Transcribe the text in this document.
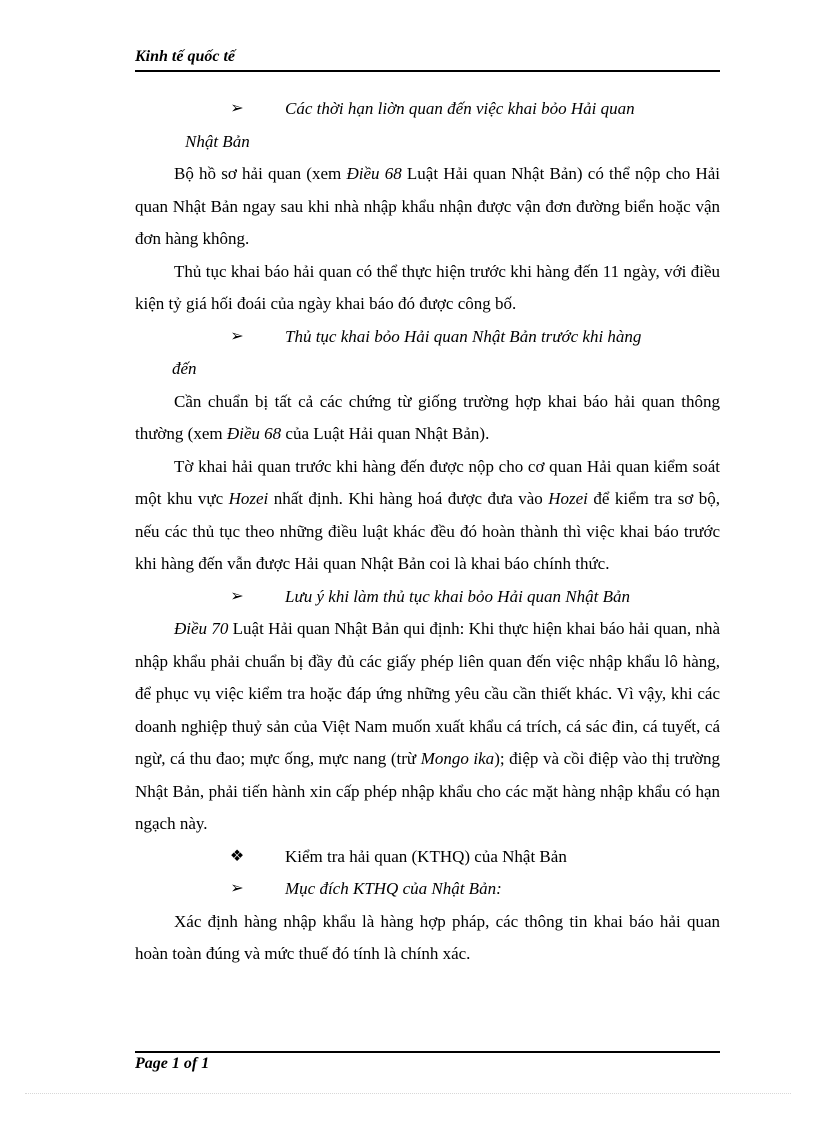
Kinh tế quốc tế

➢	Các thời hạn liờn quan đến việc khai bỏo Hải quan

Nhật Bản

Bộ hồ sơ hải quan (xem Điều 68 Luật Hải quan Nhật Bản) có thể nộp cho Hải quan Nhật Bản ngay sau khi nhà nhập khẩu nhận được vận đơn đường biển hoặc vận đơn hàng không.

Thủ tục khai báo hải quan có thể thực hiện trước khi hàng đến 11 ngày, với điều kiện tỷ giá hối đoái của ngày khai báo đó được công bố.

➢	Thủ tục khai bỏo Hải quan Nhật Bản trước khi hàng

đến

Cần chuẩn bị tất cả các chứng từ giống trường hợp khai báo hải quan thông thường (xem Điều 68 của Luật Hải quan Nhật Bản).

Tờ khai hải quan trước khi hàng đến được nộp cho cơ quan Hải quan kiểm soát một khu vực Hozei nhất định. Khi hàng hoá được đưa vào Hozei để kiểm tra sơ bộ, nếu các thủ tục theo những điều luật khác đều đó hoàn thành thì việc khai báo trước khi hàng đến vẫn được Hải quan Nhật Bản coi là khai báo chính thức.

➢	Lưu ý khi làm thủ tục khai bỏo Hải quan Nhật Bản

Điều 70 Luật Hải quan Nhật Bản qui định: Khi thực hiện khai báo hải quan, nhà nhập khẩu phải chuẩn bị đầy đủ các giấy phép liên quan đến việc nhập khẩu lô hàng, để phục vụ việc kiểm tra hoặc đáp ứng những yêu cầu cần thiết khác. Vì vậy, khi các doanh nghiệp thuỷ sản của Việt Nam muốn xuất khẩu cá trích, cá sác đin, cá tuyết, cá ngừ, cá thu đao; mực ống, mực nang (trừ Mongo ika); điệp và cồi điệp vào thị trường Nhật Bản, phải tiến hành xin cấp phép nhập khẩu cho các mặt hàng nhập khẩu có hạn ngạch này.

❖ Kiểm tra hải quan (KTHQ) của Nhật Bản

➢	Mục đích KTHQ của Nhật Bản:

Xác định hàng nhập khẩu là hàng hợp pháp, các thông tin khai báo hải quan hoàn toàn đúng và mức thuế đó tính là chính xác.

Page 1 of 1
